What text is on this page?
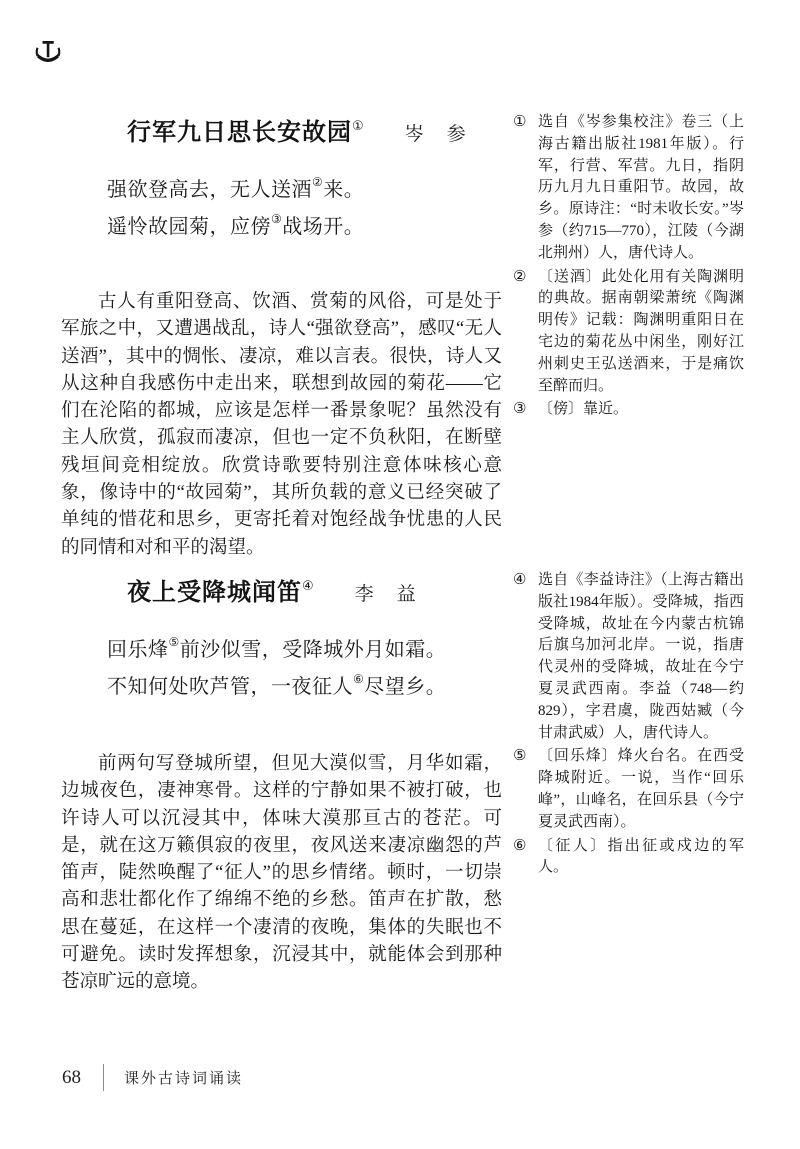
行军九日思长安故园① 岑　参
强欲登高去，无人送酒②来。
遥怜故园菊，应傍③战场开。

古人有重阳登高、饮酒、赏菊的风俗，可是处于军旅之中，又遭遇战乱，诗人“强欲登高”，感叹“无人送酒”，其中的惆怅、凄凉，难以言表。很快，诗人又从这种自我感伤中走出来，联想到故园的菊花——它们在沦陷的都城，应该是怎样一番景象呢？虽然没有主人欣赏，孤寂而凄凉，但也一定不负秋阳，在断壁残垣间竞相绽放。欣赏诗歌要特别注意体味核心意象，像诗中的“故园菊”，其所负载的意义已经突破了单纯的惜花和思乡，更寄托着对饱经战争忧患的人民的同情和对和平的渴望。

夜上受降城闻笛④ 李　益
回乐烽⑤前沙似雪，受降城外月如霜。
不知何处吹芦管，一夜征人⑥尽望乡。

前两句写登城所望，但见大漠似雪，月华如霜，边城夜色，凄神寒骨。这样的宁静如果不被打破，也许诗人可以沉浸其中，体味大漠那亘古的苍茫。可是，就在这万籁俱寂的夜里，夜风送来凄凉幽怨的芦笛声，陡然唤醒了“征人”的思乡情绪。顿时，一切崇高和悲壮都化作了绵绵不绝的乡愁。笛声在扩散，愁思在蔓延，在这样一个凄清的夜晚，集体的失眠也不可避免。读时发挥想象，沉浸其中，就能体会到那种苍凉旷远的意境。

① 选自《岑参集校注》卷三（上海古籍出版社1981年版）。行军，行营、军营。九日，指阴历九月九日重阳节。故园，故乡。原诗注：“时未收长安。”岑参（约715—770），江陵（今湖北荆州）人，唐代诗人。
② 〔送酒〕此处化用有关陶渊明的典故。据南朝梁萧统《陶渊明传》记载：陶渊明重阳日在宅边的菊花丛中闲坐，刚好江州刺史王弘送酒来，于是痛饮至醉而归。
③ 〔傍〕靠近。
④ 选自《李益诗注》（上海古籍出版社1984年版）。受降城，指西受降城，故址在今内蒙古杭锦后旗乌加河北岸。一说，指唐代灵州的受降城，故址在今宁夏灵武西南。李益（748—约829），字君虞，陇西姑臧（今甘肃武威）人，唐代诗人。
⑤ 〔回乐烽〕烽火台名。在西受降城附近。一说，当作“回乐峰”，山峰名，在回乐县（今宁夏灵武西南）。
⑥ 〔征人〕指出征或戍边的军人。
68	课外古诗词诵读
